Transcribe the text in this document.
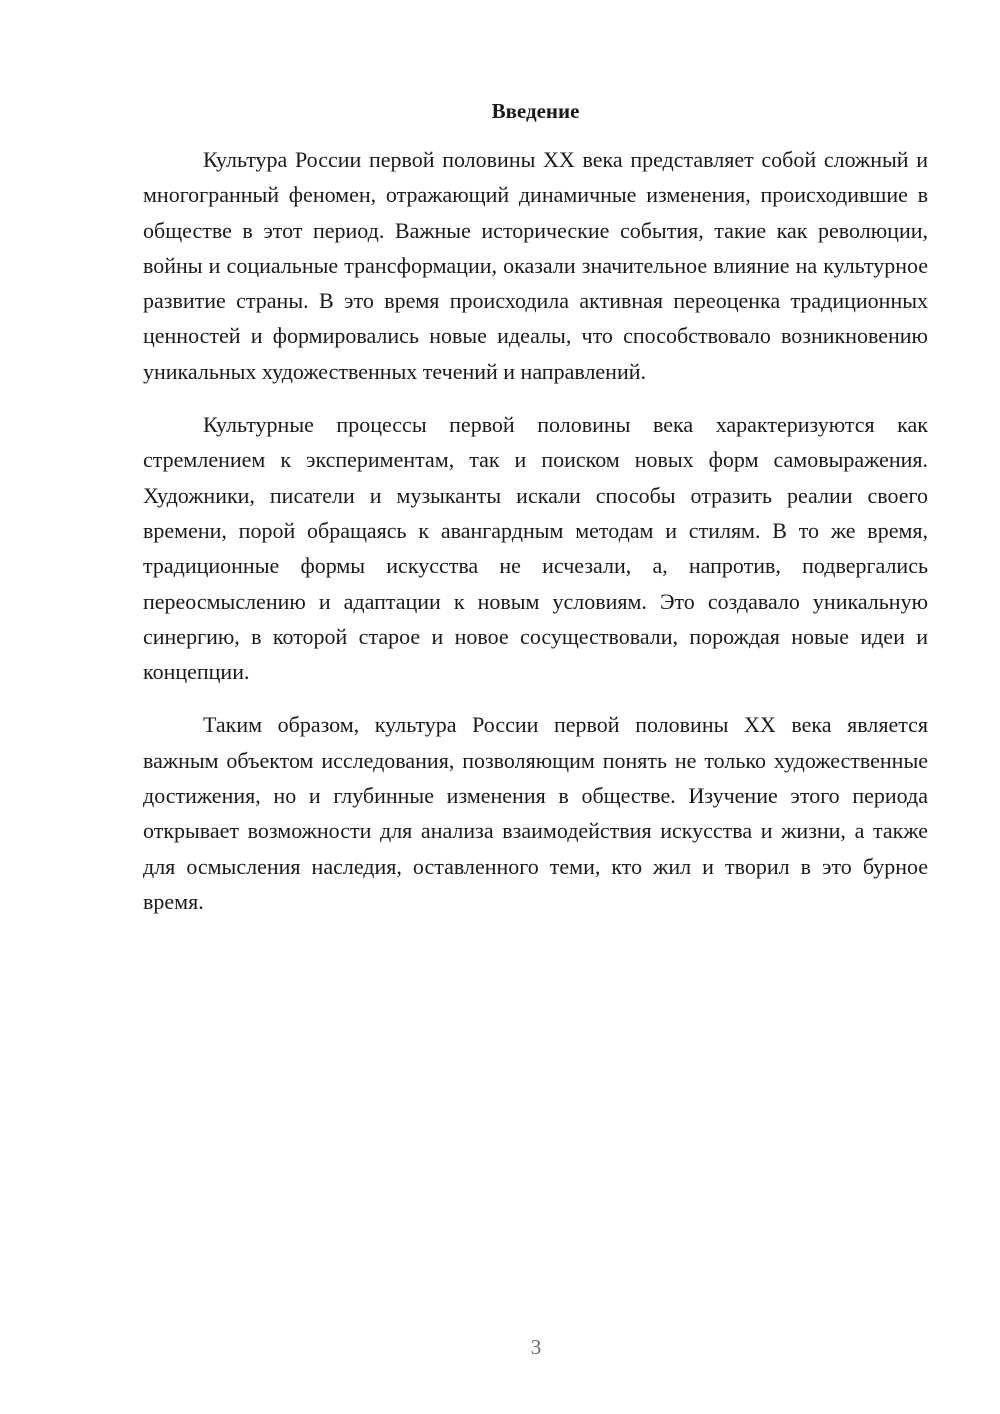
Введение

Культура России первой половины XX века представляет собой сложный и многогранный феномен, отражающий динамичные изменения, происходившие в обществе в этот период. Важные исторические события, такие как революции, войны и социальные трансформации, оказали значительное влияние на культурное развитие страны. В это время происходила активная переоценка традиционных ценностей и формировались новые идеалы, что способствовало возникновению уникальных художественных течений и направлений.

Культурные процессы первой половины века характеризуются как стремлением к экспериментам, так и поиском новых форм самовыражения. Художники, писатели и музыканты искали способы отразить реалии своего времени, порой обращаясь к авангардным методам и стилям. В то же время, традиционные формы искусства не исчезали, а, напротив, подвергались переосмыслению и адаптации к новым условиям. Это создавало уникальную синергию, в которой старое и новое сосуществовали, порождая новые идеи и концепции.

Таким образом, культура России первой половины XX века является важным объектом исследования, позволяющим понять не только художественные достижения, но и глубинные изменения в обществе. Изучение этого периода открывает возможности для анализа взаимодействия искусства и жизни, а также для осмысления наследия, оставленного теми, кто жил и творил в это бурное время.

3
